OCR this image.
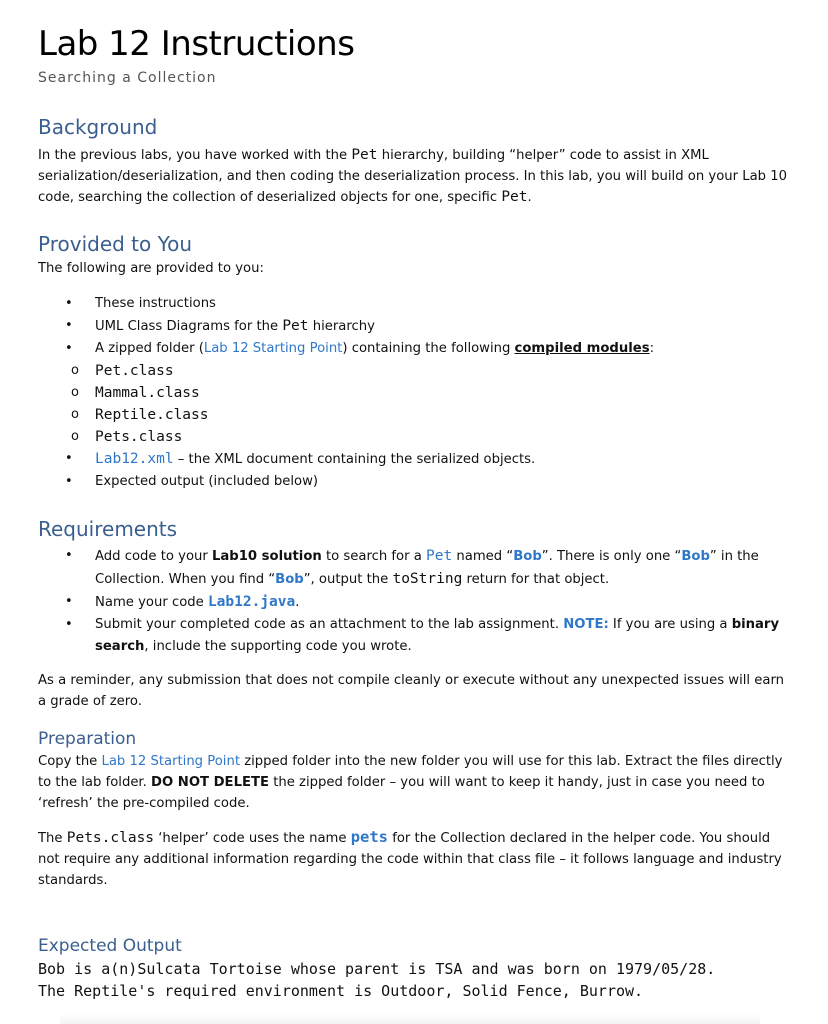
Lab 12 Instructions
Searching a Collection
Background

In the previous labs, you have worked with the Pet hierarchy, building “helper” code to assist in XML serialization/deserialization, and then coding the deserialization process. In this lab, you will build on your Lab 10 code, searching the collection of deserialized objects for one, specific Pet.

Provided to You

The following are provided to you:

• These instructions
• UML Class Diagrams for the Pet hierarchy
• A zipped folder (Lab 12 Starting Point) containing the following compiled modules:
o Pet.class
o Mammal.class
o Reptile.class
o Pets.class
• Lab12.xml – the XML document containing the serialized objects.
• Expected output (included below)
Requirements
• Add code to your Lab10 solution to search for a Pet named “Bob”. There is only one “Bob” in the Collection. When you find “Bob”, output the toString return for that object.
• Name your code Lab12.java.
• Submit your completed code as an attachment to the lab assignment. NOTE: If you are using a binary search, include the supporting code you wrote.

As a reminder, any submission that does not compile cleanly or execute without any unexpected issues will earn a grade of zero.

Preparation

Copy the Lab 12 Starting Point zipped folder into the new folder you will use for this lab. Extract the files directly to the lab folder. DO NOT DELETE the zipped folder – you will want to keep it handy, just in case you need to ‘refresh’ the pre-compiled code.

The Pets.class ‘helper’ code uses the name pets for the Collection declared in the helper code. You should not require any additional information regarding the code within that class file – it follows language and industry standards.

Expected Output
Bob is a(n)Sulcata Tortoise whose parent is TSA and was born on 1979/05/28.
The Reptile's required environment is Outdoor, Solid Fence, Burrow.
